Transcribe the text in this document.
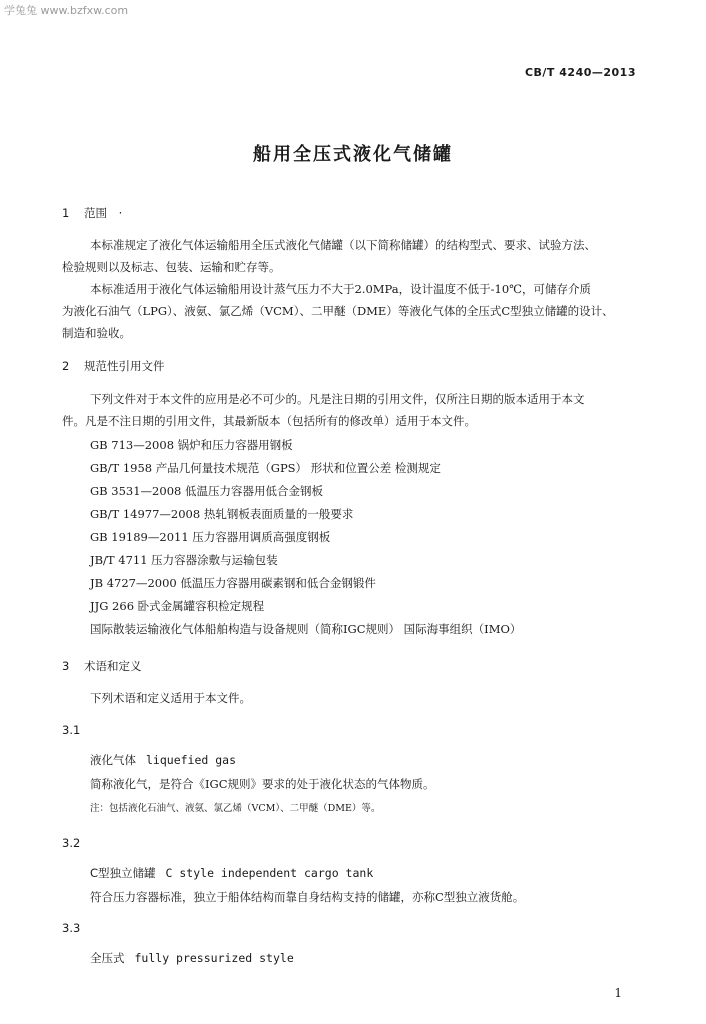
学兔兔 www.bzfxw.com
CB/T 4240—2013
船用全压式液化气储罐
1 范围 ·
本标准规定了液化气体运输船用全压式液化气储罐（以下简称储罐）的结构型式、要求、试验方法、
检验规则以及标志、包装、运输和贮存等。
本标准适用于液化气体运输船用设计蒸气压力不大于2.0MPa，设计温度不低于-10℃，可储存介质
为液化石油气（LPG）、液氨、氯乙烯（VCM）、二甲醚（DME）等液化气体的全压式C型独立储罐的设计、
制造和验收。
2 规范性引用文件
下列文件对于本文件的应用是必不可少的。凡是注日期的引用文件，仅所注日期的版本适用于本文
件。凡是不注日期的引用文件，其最新版本（包括所有的修改单）适用于本文件。
GB 713—2008 锅炉和压力容器用钢板
GB/T 1958 产品几何量技术规范（GPS） 形状和位置公差 检测规定
GB 3531—2008 低温压力容器用低合金钢板
GB/T 14977—2008 热轧钢板表面质量的一般要求
GB 19189—2011 压力容器用调质高强度钢板
JB/T 4711 压力容器涂敷与运输包装
JB 4727—2000 低温压力容器用碳素钢和低合金钢锻件
JJG 266 卧式金属罐容积检定规程
国际散装运输液化气体船舶构造与设备规则（简称IGC规则） 国际海事组织（IMO）
3 术语和定义
下列术语和定义适用于本文件。
3.1
液化气体 liquefied gas
简称液化气，是符合《IGC规则》要求的处于液化状态的气体物质。
注：包括液化石油气、液氨、氯乙烯（VCM）、二甲醚（DME）等。
3.2
C型独立储罐 C style independent cargo tank
符合压力容器标准，独立于船体结构而靠自身结构支持的储罐，亦称C型独立液货舱。
3.3
全压式 fully pressurized style
1
